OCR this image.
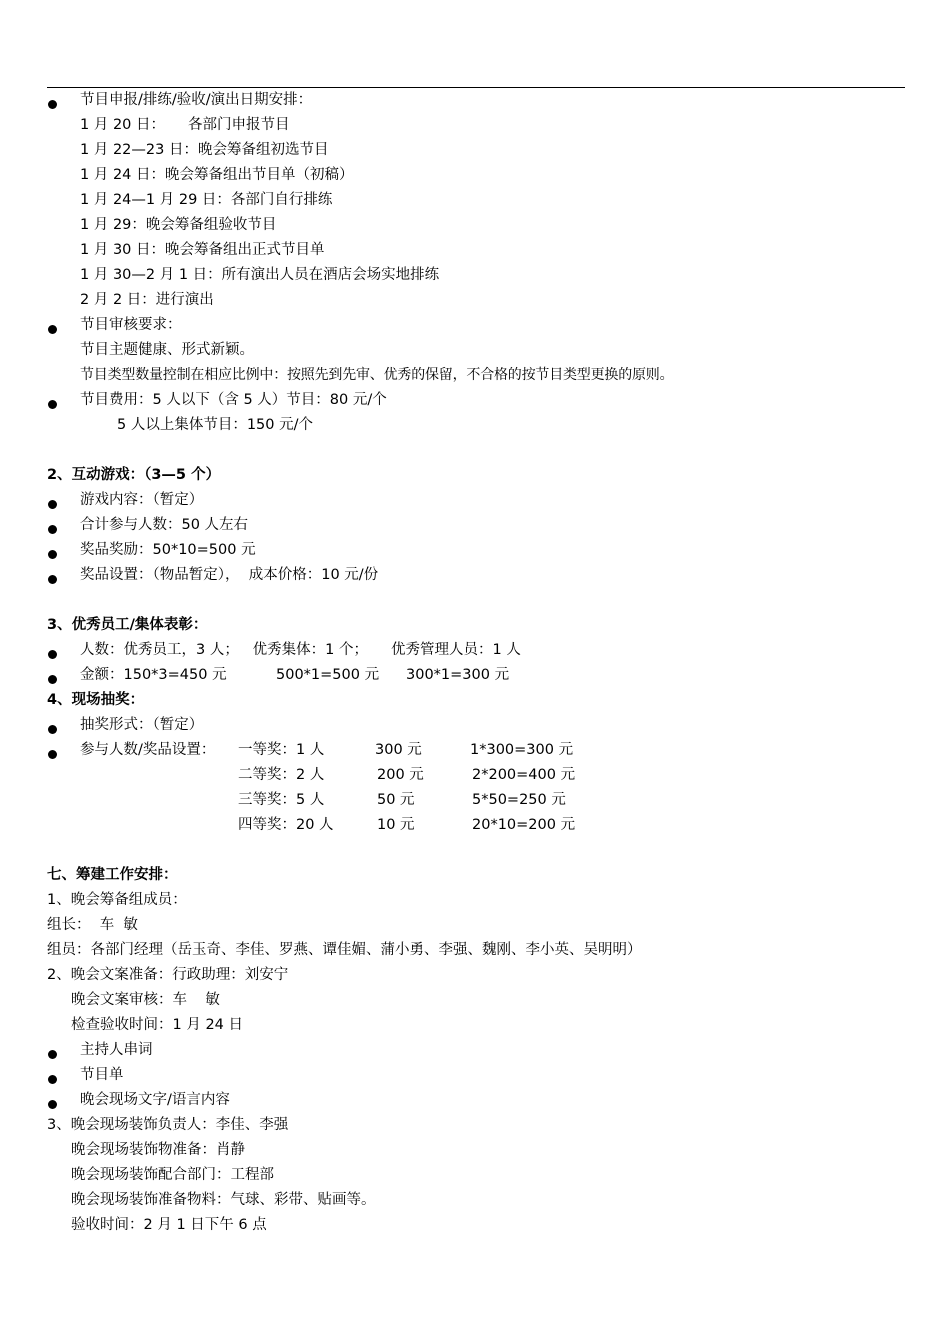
节目申报/排练/验收/演出日期安排：
1 月 20 日：     各部门申报节目
1 月 22—23 日：晚会筹备组初选节目
1 月 24 日：晚会筹备组出节目单（初稿）
1 月 24—1 月 29 日：各部门自行排练
1 月 29：晚会筹备组验收节目
1 月 30 日：晚会筹备组出正式节目单
1 月 30—2 月 1 日：所有演出人员在酒店会场实地排练
2 月 2 日：进行演出
节目审核要求：
节目主题健康、形式新颖。
节目类型数量控制在相应比例中：按照先到先审、优秀的保留，不合格的按节目类型更换的原则。
节目费用：5 人以下（含 5 人）节目：80 元/个
5 人以上集体节目：150 元/个
2、互动游戏：（3—5 个）
游戏内容：（暂定）
合计参与人数：50 人左右
奖品奖励：50*10=500 元
奖品设置：（物品暂定），  成本价格：10 元/份
3、优秀员工/集体表彰：
人数：优秀员工，3 人；   优秀集体：1 个；     优秀管理人员：1 人
金额：150*3=450 元	500*1=500 元 300*1=300 元
4、现场抽奖：
抽奖形式：（暂定）
参与人数/奖品设置： 一等奖：1 人	300 元	1*300=300 元
二等奖：2 人	200 元	2*200=400 元
三等奖：5 人	50 元	5*50=250 元
四等奖：20 人	10 元	20*10=200 元
七、筹建工作安排：
1、晚会筹备组成员：
组长：  车  敏
组员：各部门经理（岳玉奇、李佳、罗燕、谭佳媚、蒲小勇、李强、魏刚、李小英、吴明明）
2、晚会文案准备：行政助理：刘安宁
晚会文案审核：车    敏
检查验收时间：1 月 24 日
主持人串词
节目单
晚会现场文字/语言内容
3、晚会现场装饰负责人：李佳、李强
晚会现场装饰物准备：肖静
晚会现场装饰配合部门：工程部
晚会现场装饰准备物料：气球、彩带、贴画等。
验收时间：2 月 1 日下午 6 点
